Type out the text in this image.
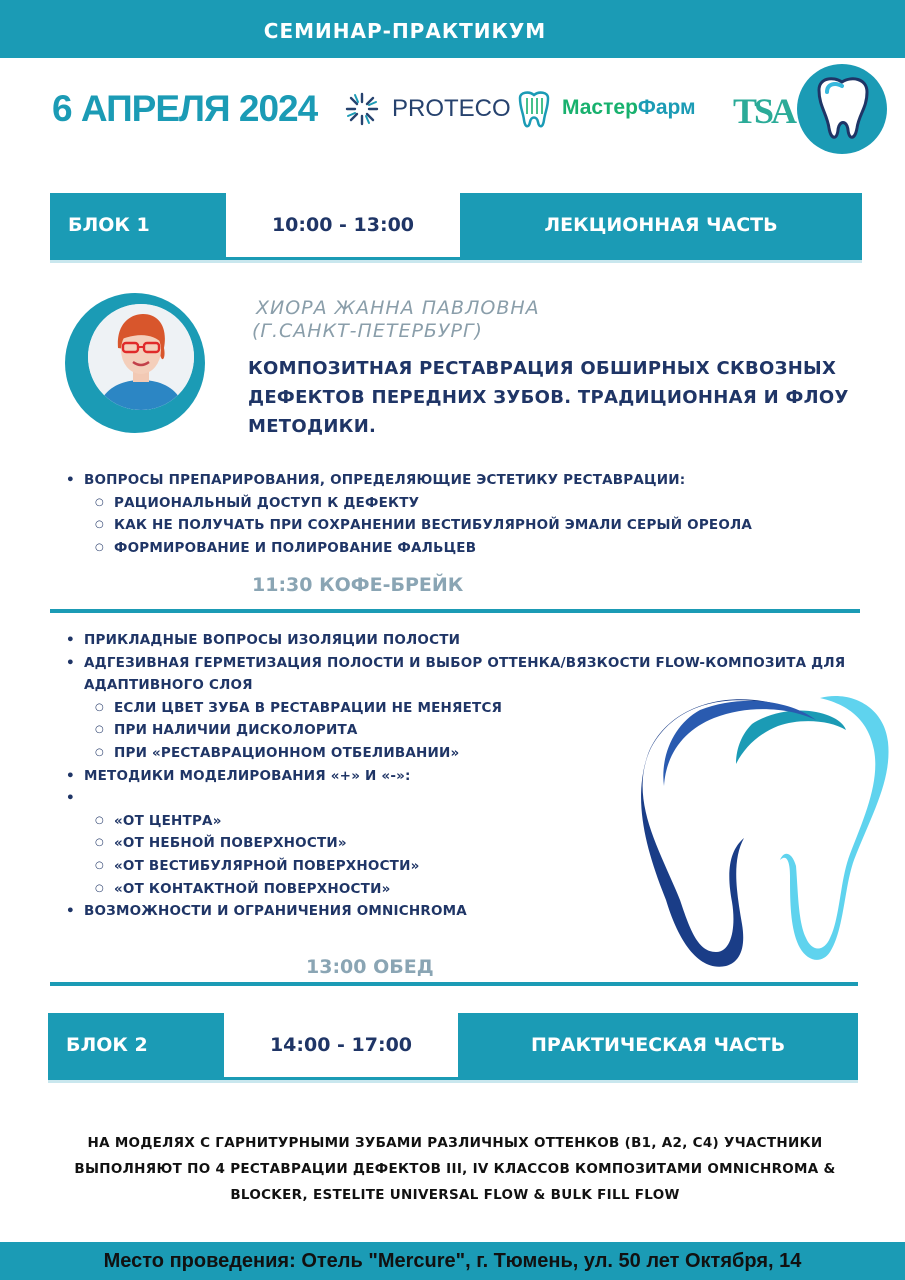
СЕМИНАР-ПРАКТИКУМ
6 АПРЕЛЯ 2024	PROTECO МастерФарм TSA
БЛОК 1	10:00 - 13:00	ЛЕКЦИОННАЯ ЧАСТЬ
ХИОРА ЖАННА ПАВЛОВНА
(Г.САНКТ-ПЕТЕРБУРГ)
КОМПОЗИТНАЯ РЕСТАВРАЦИЯ ОБШИРНЫХ СКВОЗНЫХ ДЕФЕКТОВ ПЕРЕДНИХ ЗУБОВ. ТРАДИЦИОННАЯ И ФЛОУ МЕТОДИКИ.
• ВОПРОСЫ ПРЕПАРИРОВАНИЯ, ОПРЕДЕЛЯЮЩИЕ ЭСТЕТИКУ РЕСТАВРАЦИИ:
○ РАЦИОНАЛЬНЫЙ ДОСТУП К ДЕФЕКТУ
○ КАК НЕ ПОЛУЧАТЬ ПРИ СОХРАНЕНИИ ВЕСТИБУЛЯРНОЙ ЭМАЛИ СЕРЫЙ ОРЕОЛА
○ ФОРМИРОВАНИЕ И ПОЛИРОВАНИЕ ФАЛЬЦЕВ
11:30 КОФЕ-БРЕЙК
• ПРИКЛАДНЫЕ ВОПРОСЫ ИЗОЛЯЦИИ ПОЛОСТИ
• АДГЕЗИВНАЯ ГЕРМЕТИЗАЦИЯ ПОЛОСТИ И ВЫБОР ОТТЕНКА/ВЯЗКОСТИ FLOW-КОМПОЗИТА ДЛЯ АДАПТИВНОГО СЛОЯ
○ ЕСЛИ ЦВЕТ ЗУБА В РЕСТАВРАЦИИ НЕ МЕНЯЕТСЯ
○ ПРИ НАЛИЧИИ ДИСКОЛОРИТА
○ ПРИ «РЕСТАВРАЦИОННОМ ОТБЕЛИВАНИИ»
• МЕТОДИКИ МОДЕЛИРОВАНИЯ «+» И «-»:
•
○ «ОТ ЦЕНТРА»
○ «ОТ НЕБНОЙ ПОВЕРХНОСТИ»
○ «ОТ ВЕСТИБУЛЯРНОЙ ПОВЕРХНОСТИ»
○ «ОТ КОНТАКТНОЙ ПОВЕРХНОСТИ»
• ВОЗМОЖНОСТИ И ОГРАНИЧЕНИЯ OMNICHROMA
13:00 ОБЕД
БЛОК 2	14:00 - 17:00	ПРАКТИЧЕСКАЯ ЧАСТЬ
НА МОДЕЛЯХ С ГАРНИТУРНЫМИ ЗУБАМИ РАЗЛИЧНЫХ ОТТЕНКОВ (B1, A2, C4) УЧАСТНИКИ ВЫПОЛНЯЮТ ПО 4 РЕСТАВРАЦИИ ДЕФЕКТОВ III, IV КЛАССОВ КОМПОЗИТАМИ OMNICHROMA & BLOCKER, ESTELITE UNIVERSAL FLOW & BULK FILL FLOW
Место проведения: Отель "Mercure", г. Тюмень, ул. 50 лет Октября, 14
